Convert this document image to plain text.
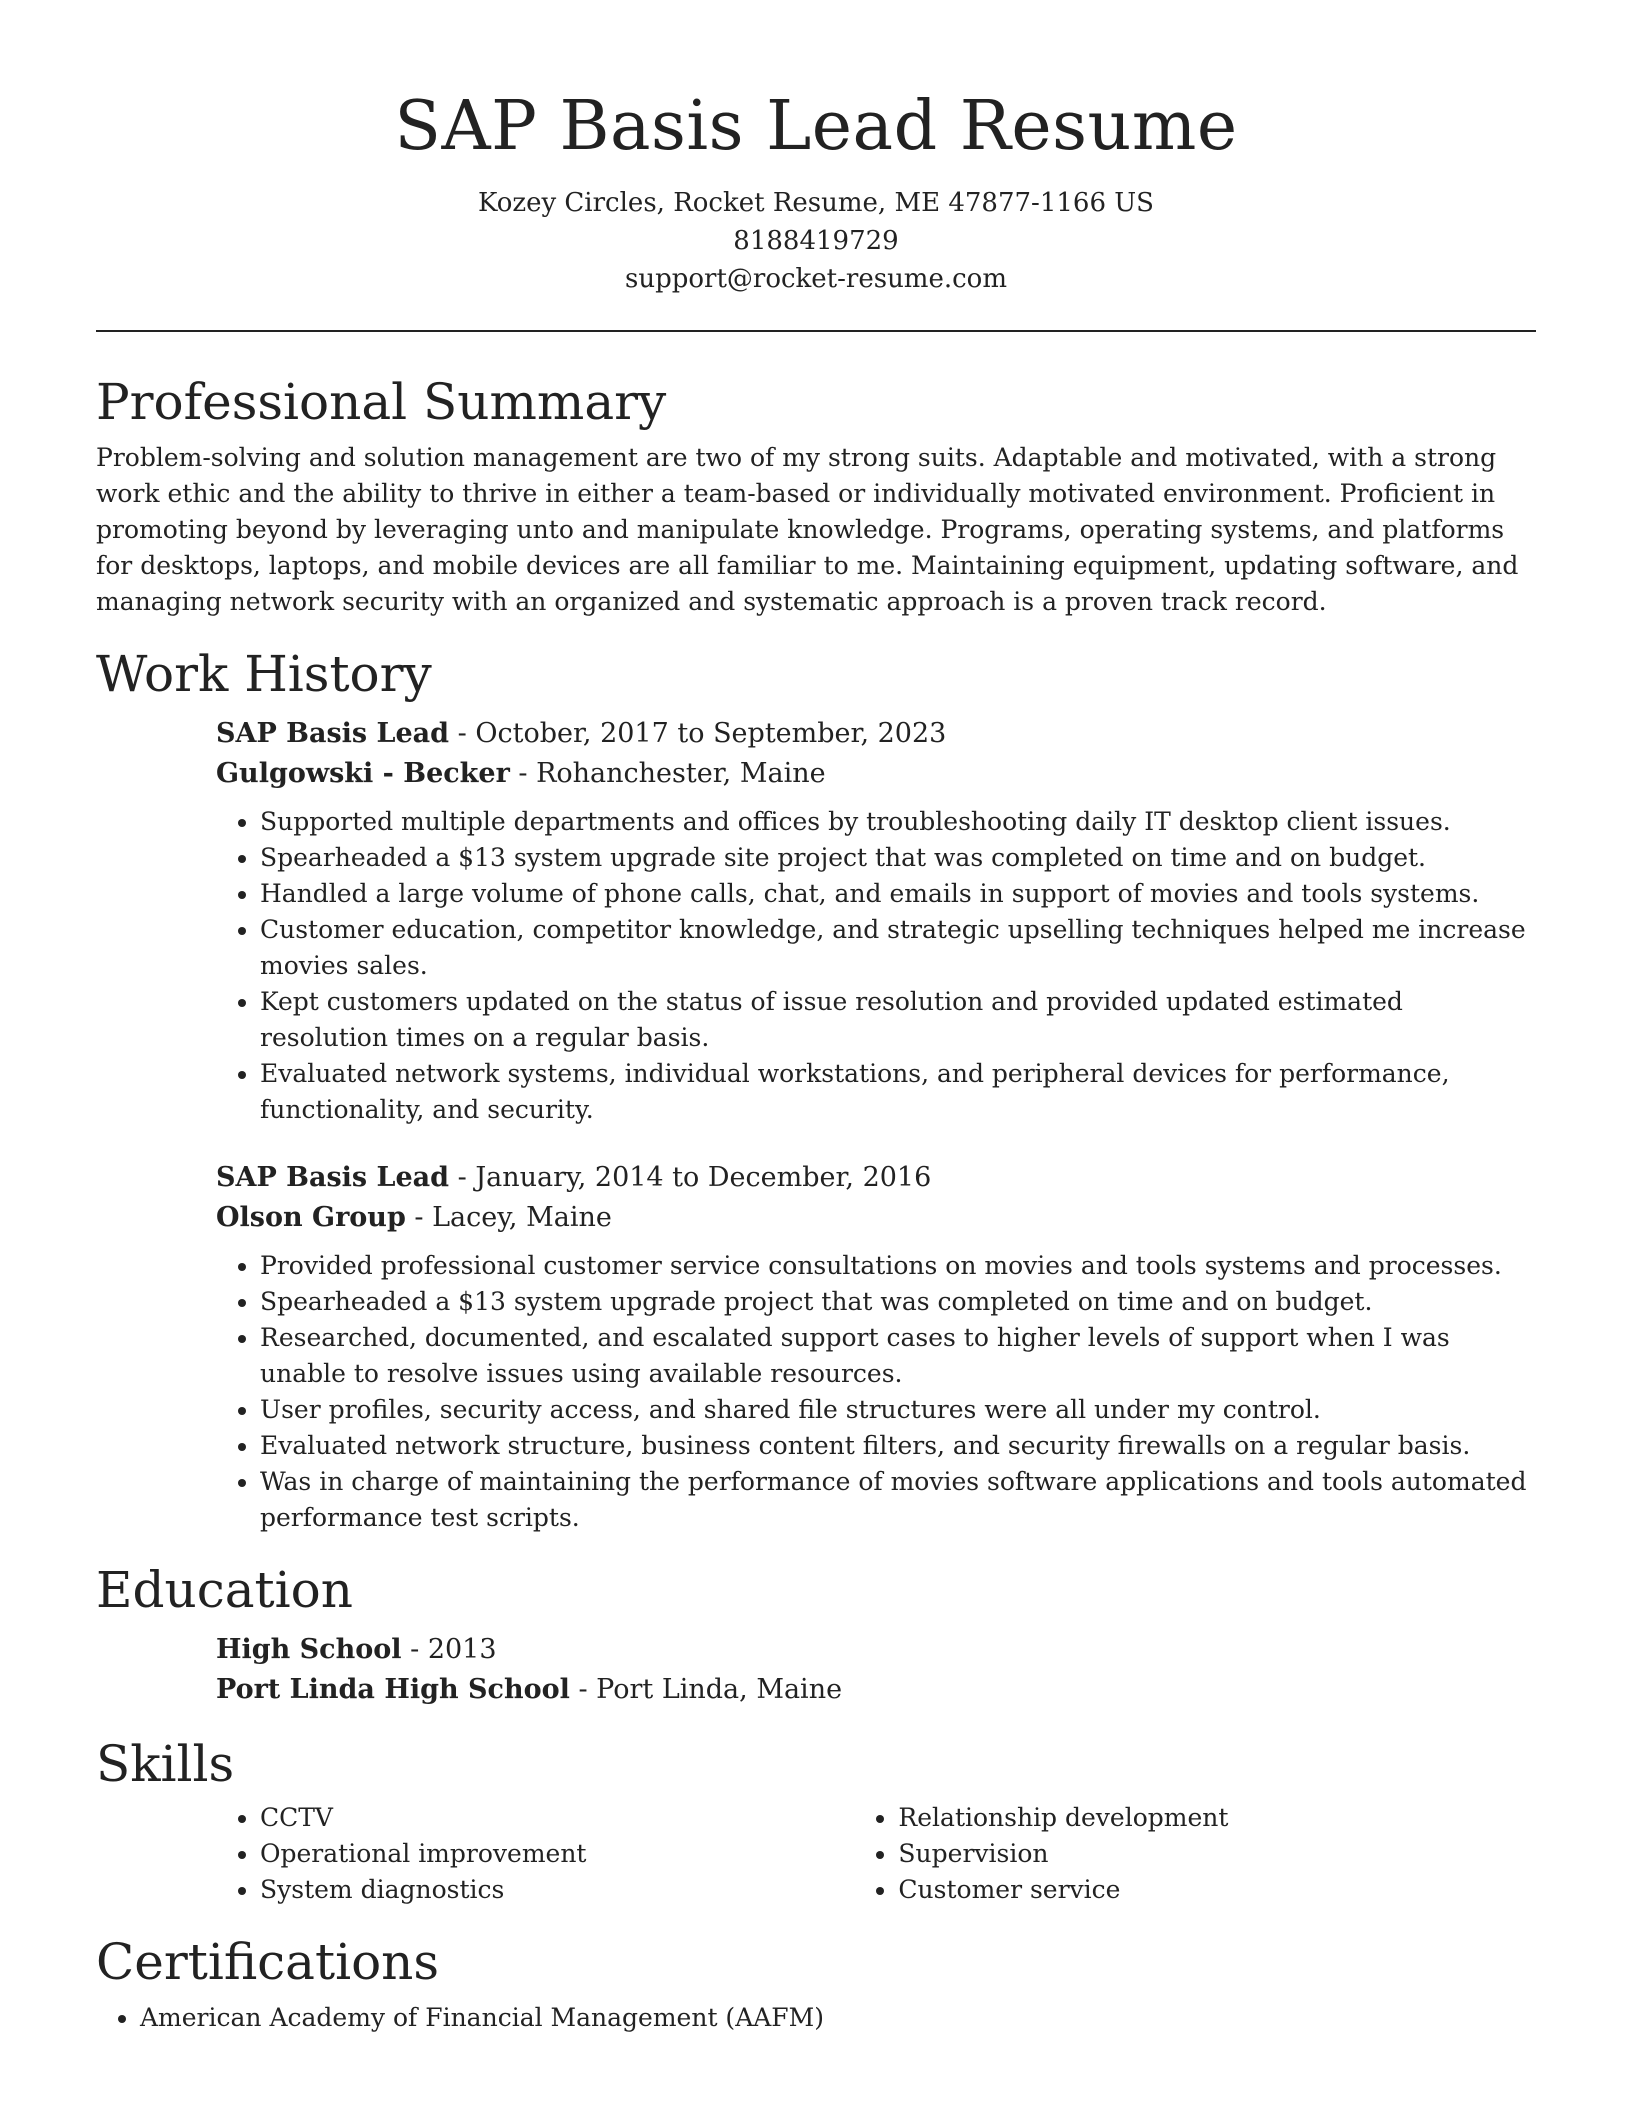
SAP Basis Lead Resume

Kozey Circles, Rocket Resume, ME 47877-1166 US

8188419729

support@rocket-resume.com

Professional Summary

Problem-solving and solution management are two of my strong suits. Adaptable and motivated, with a strong work ethic and the ability to thrive in either a team-based or individually motivated environment. Proficient in promoting beyond by leveraging unto and manipulate knowledge. Programs, operating systems, and platforms for desktops, laptops, and mobile devices are all familiar to me. Maintaining equipment, updating software, and managing network security with an organized and systematic approach is a proven track record.

Work History

SAP Basis Lead - October, 2017 to September, 2023

Gulgowski - Becker - Rohanchester, Maine

• Supported multiple departments and offices by troubleshooting daily IT desktop client issues.
• Spearheaded a $13 system upgrade site project that was completed on time and on budget.
• Handled a large volume of phone calls, chat, and emails in support of movies and tools systems.
• Customer education, competitor knowledge, and strategic upselling techniques helped me increase movies sales.
• Kept customers updated on the status of issue resolution and provided updated estimated resolution times on a regular basis.
• Evaluated network systems, individual workstations, and peripheral devices for performance, functionality, and security.

SAP Basis Lead - January, 2014 to December, 2016

Olson Group - Lacey, Maine

• Provided professional customer service consultations on movies and tools systems and processes.
• Spearheaded a $13 system upgrade project that was completed on time and on budget.
• Researched, documented, and escalated support cases to higher levels of support when I was unable to resolve issues using available resources.
• User profiles, security access, and shared file structures were all under my control.
• Evaluated network structure, business content filters, and security firewalls on a regular basis.
• Was in charge of maintaining the performance of movies software applications and tools automated performance test scripts.
Education

High School - 2013

Port Linda High School - Port Linda, Maine

Skills
• CCTV
• Operational improvement
• System diagnostics
• Relationship development
• Supervision
• Customer service
Certifications
• American Academy of Financial Management (AAFM)
